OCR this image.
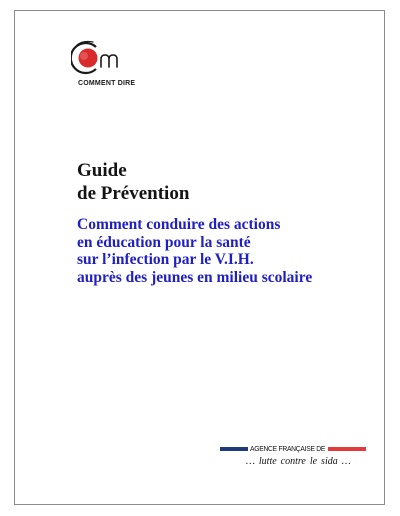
COMMENT DIRE
Guide
de Prévention
Comment conduire des actions
en éducation pour la santé
sur l’infection par le V.I.H.
auprès des jeunes en milieu scolaire
AGENCE FRANÇAISE DE
… lutte contre le sida …
